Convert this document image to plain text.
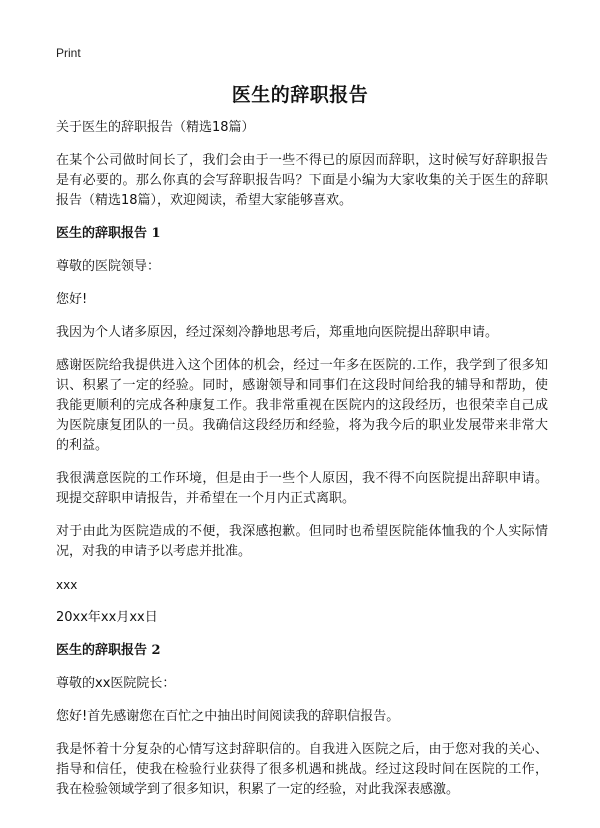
Print
医生的辞职报告

关于医生的辞职报告（精选18篇）

在某个公司做时间长了，我们会由于一些不得已的原因而辞职，这时候写好辞职报告是有必要的。那么你真的会写辞职报告吗？下面是小编为大家收集的关于医生的辞职报告（精选18篇），欢迎阅读，希望大家能够喜欢。

医生的辞职报告 1

尊敬的医院领导：

您好!

我因为个人诸多原因，经过深刻冷静地思考后，郑重地向医院提出辞职申请。

感谢医院给我提供进入这个团体的机会，经过一年多在医院的.工作，我学到了很多知识、积累了一定的经验。同时，感谢领导和同事们在这段时间给我的辅导和帮助，使我能更顺利的完成各种康复工作。我非常重视在医院内的这段经历，也很荣幸自己成为医院康复团队的一员。我确信这段经历和经验，将为我今后的职业发展带来非常大的利益。

我很满意医院的工作环境，但是由于一些个人原因，我不得不向医院提出辞职申请。现提交辞职申请报告，并希望在一个月内正式离职。

对于由此为医院造成的不便，我深感抱歉。但同时也希望医院能体恤我的个人实际情况，对我的申请予以考虑并批准。

xxx

20xx年xx月xx日

医生的辞职报告 2

尊敬的xx医院院长：

您好!首先感谢您在百忙之中抽出时间阅读我的辞职信报告。

我是怀着十分复杂的心情写这封辞职信的。自我进入医院之后，由于您对我的关心、指导和信任，使我在检验行业获得了很多机遇和挑战。经过这段时间在医院的工作，我在检验领域学到了很多知识，积累了一定的经验，对此我深表感激。
